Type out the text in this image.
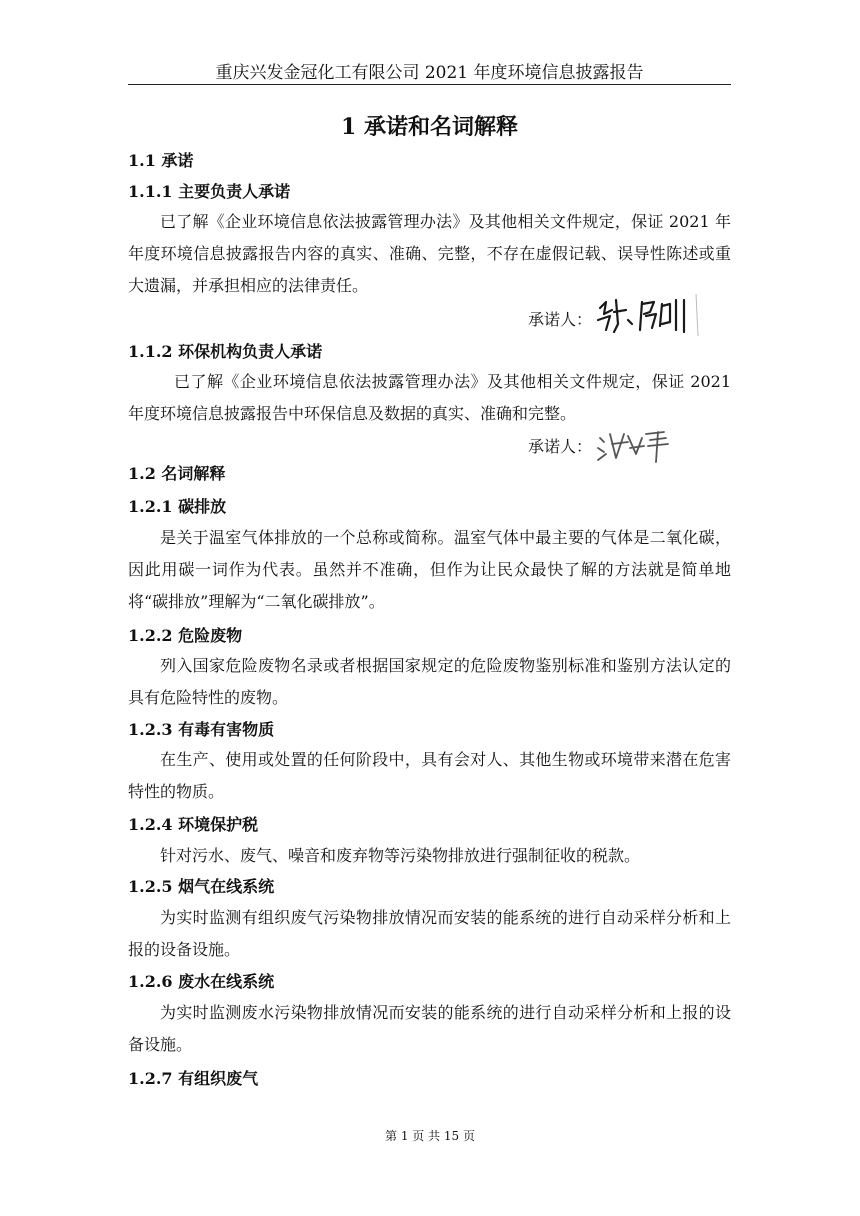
重庆兴发金冠化工有限公司 2021 年度环境信息披露报告
1 承诺和名词解释
1.1 承诺
1.1.1 主要负责人承诺

已了解《企业环境信息依法披露管理办法》及其他相关文件规定，保证 2021 年年度环境信息披露报告内容的真实、准确、完整，不存在虚假记载、误导性陈述或重大遗漏，并承担相应的法律责任。

承诺人：
1.1.2 环保机构负责人承诺

已了解《企业环境信息依法披露管理办法》及其他相关文件规定，保证 2021 年度环境信息披露报告中环保信息及数据的真实、准确和完整。

承诺人：
1.2 名词解释
1.2.1 碳排放

是关于温室气体排放的一个总称或简称。温室气体中最主要的气体是二氧化碳，因此用碳一词作为代表。虽然并不准确，但作为让民众最快了解的方法就是简单地将“碳排放”理解为“二氧化碳排放”。

1.2.2 危险废物

列入国家危险废物名录或者根据国家规定的危险废物鉴别标准和鉴别方法认定的具有危险特性的废物。

1.2.3 有毒有害物质

在生产、使用或处置的任何阶段中，具有会对人、其他生物或环境带来潜在危害特性的物质。

1.2.4 环境保护税

针对污水、废气、噪音和废弃物等污染物排放进行强制征收的税款。

1.2.5 烟气在线系统

为实时监测有组织废气污染物排放情况而安装的能系统的进行自动采样分析和上报的设备设施。

1.2.6 废水在线系统

为实时监测废水污染物排放情况而安装的能系统的进行自动采样分析和上报的设备设施。

1.2.7 有组织废气
第 1 页 共 15 页
